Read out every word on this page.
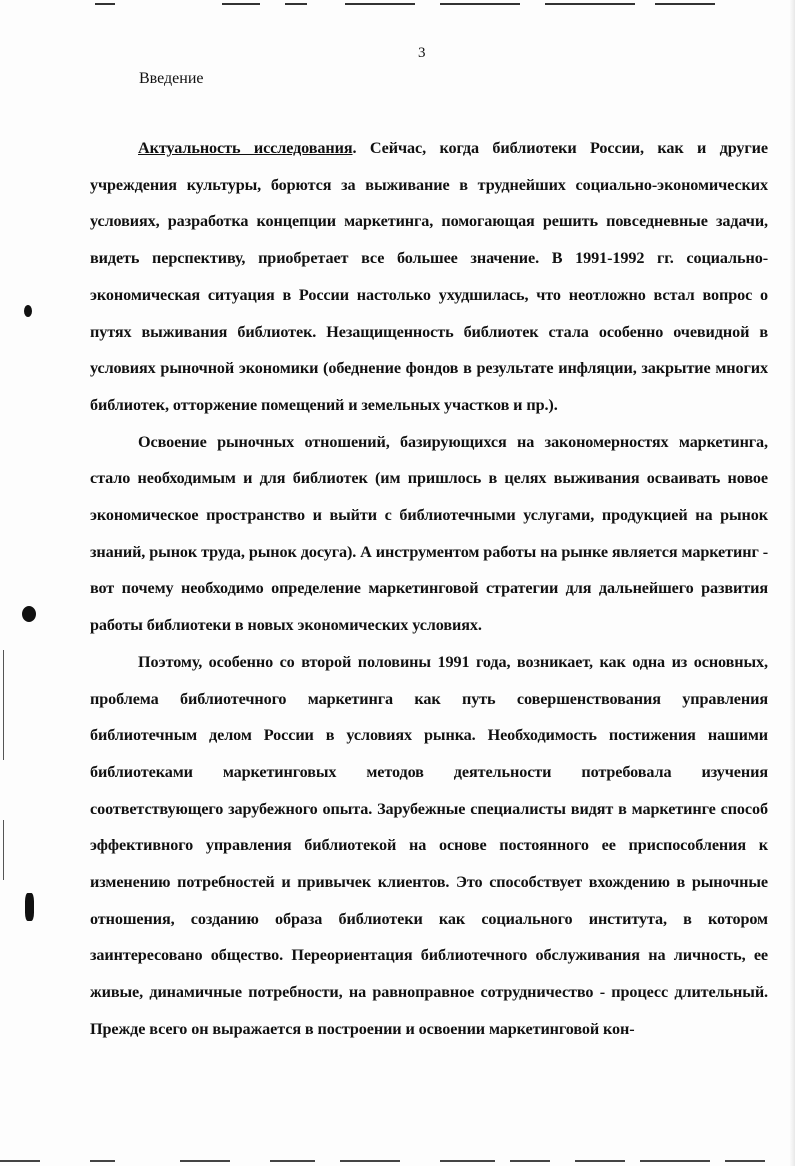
3
Введение

Актуальность исследования. Сейчас, когда библиотеки России, как и другие учреждения культуры, борются за выживание в труднейших социально-экономических условиях, разработка концепции маркетинга, помогающая решить повседневные задачи, видеть перспективу, приобретает все большее значение. В 1991-1992 гг. социально-экономическая ситуация в России настолько ухудшилась, что неотложно встал вопрос о путях выживания библиотек. Незащищенность библиотек стала особенно очевидной в условиях рыночной экономики (обеднение фондов в результате инфляции, закрытие многих библиотек, отторжение помещений и земельных участков и пр.).

Освоение рыночных отношений, базирующихся на закономерностях маркетинга, стало необходимым и для библиотек (им пришлось в целях выживания осваивать новое экономическое пространство и выйти с библиотечными услугами, продукцией на рынок знаний, рынок труда, рынок досуга). А инструментом работы на рынке является маркетинг - вот почему необходимо определение маркетинговой стратегии для дальнейшего развития работы библиотеки в новых экономических условиях.

Поэтому, особенно со второй половины 1991 года, возникает, как одна из основных, проблема библиотечного маркетинга как путь совершенствования управления библиотечным делом России в условиях рынка. Необходимость постижения нашими библиотеками маркетинговых методов деятельности потребовала изучения соответствующего зарубежного опыта. Зарубежные специалисты видят в маркетинге способ эффективного управления библиотекой на основе постоянного ее приспособления к изменению потребностей и привычек клиентов. Это способствует вхождению в рыночные отношения, созданию образа библиотеки как социального института, в котором заинтересовано общество. Переориентация библиотечного обслуживания на личность, ее живые, динамичные потребности, на равноправное сотрудничество - процесс длительный. Прежде всего он выражается в построении и освоении маркетинговой кон-
